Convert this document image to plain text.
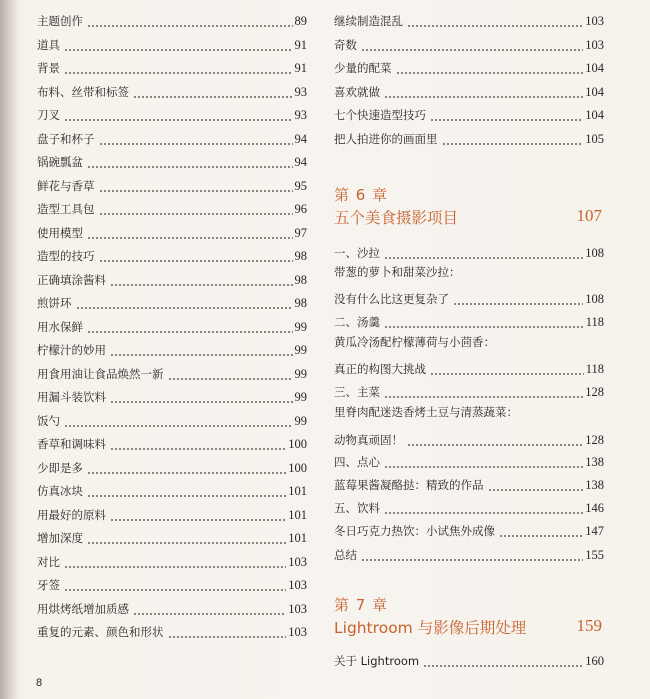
主题创作	89
道具	91
背景	91
布料、丝带和标签	93
刀叉	93
盘子和杯子	94
锅碗瓢盆	94
鲜花与香草	95
造型工具包	96
使用模型	97
造型的技巧	98
正确填涂酱料	98
煎饼环	98
用水保鲜	99
柠檬汁的妙用	99
用食用油让食品焕然一新	99
用漏斗装饮料	99
饭勺	99
香草和调味料	100
少即是多	100
仿真冰块	101
用最好的原料	101
增加深度	101
对比	103
牙签	103
用烘烤纸增加质感	103
重复的元素、颜色和形状	103
继续制造混乱	103
奇数	103
少量的配菜	104
喜欢就做	104
七个快速造型技巧	104
把人拍进你的画面里	105
第 6 章
五个美食摄影项目	107
一、沙拉	108
带葱的萝卜和甜菜沙拉：
没有什么比这更复杂了	108
二、汤羹	118
黄瓜冷汤配柠檬薄荷与小茴香：
真正的构图大挑战	118
三、主菜	128
里脊肉配迷迭香烤土豆与清蒸蔬菜：
动物真顽固！	128
四、点心	138
蓝莓果酱凝酪挞：精致的作品	138
五、饮料	146
冬日巧克力热饮：小试焦外成像	147
总结	155
第 7 章
Lightroom 与影像后期处理	159
关于 Lightroom	160
8
